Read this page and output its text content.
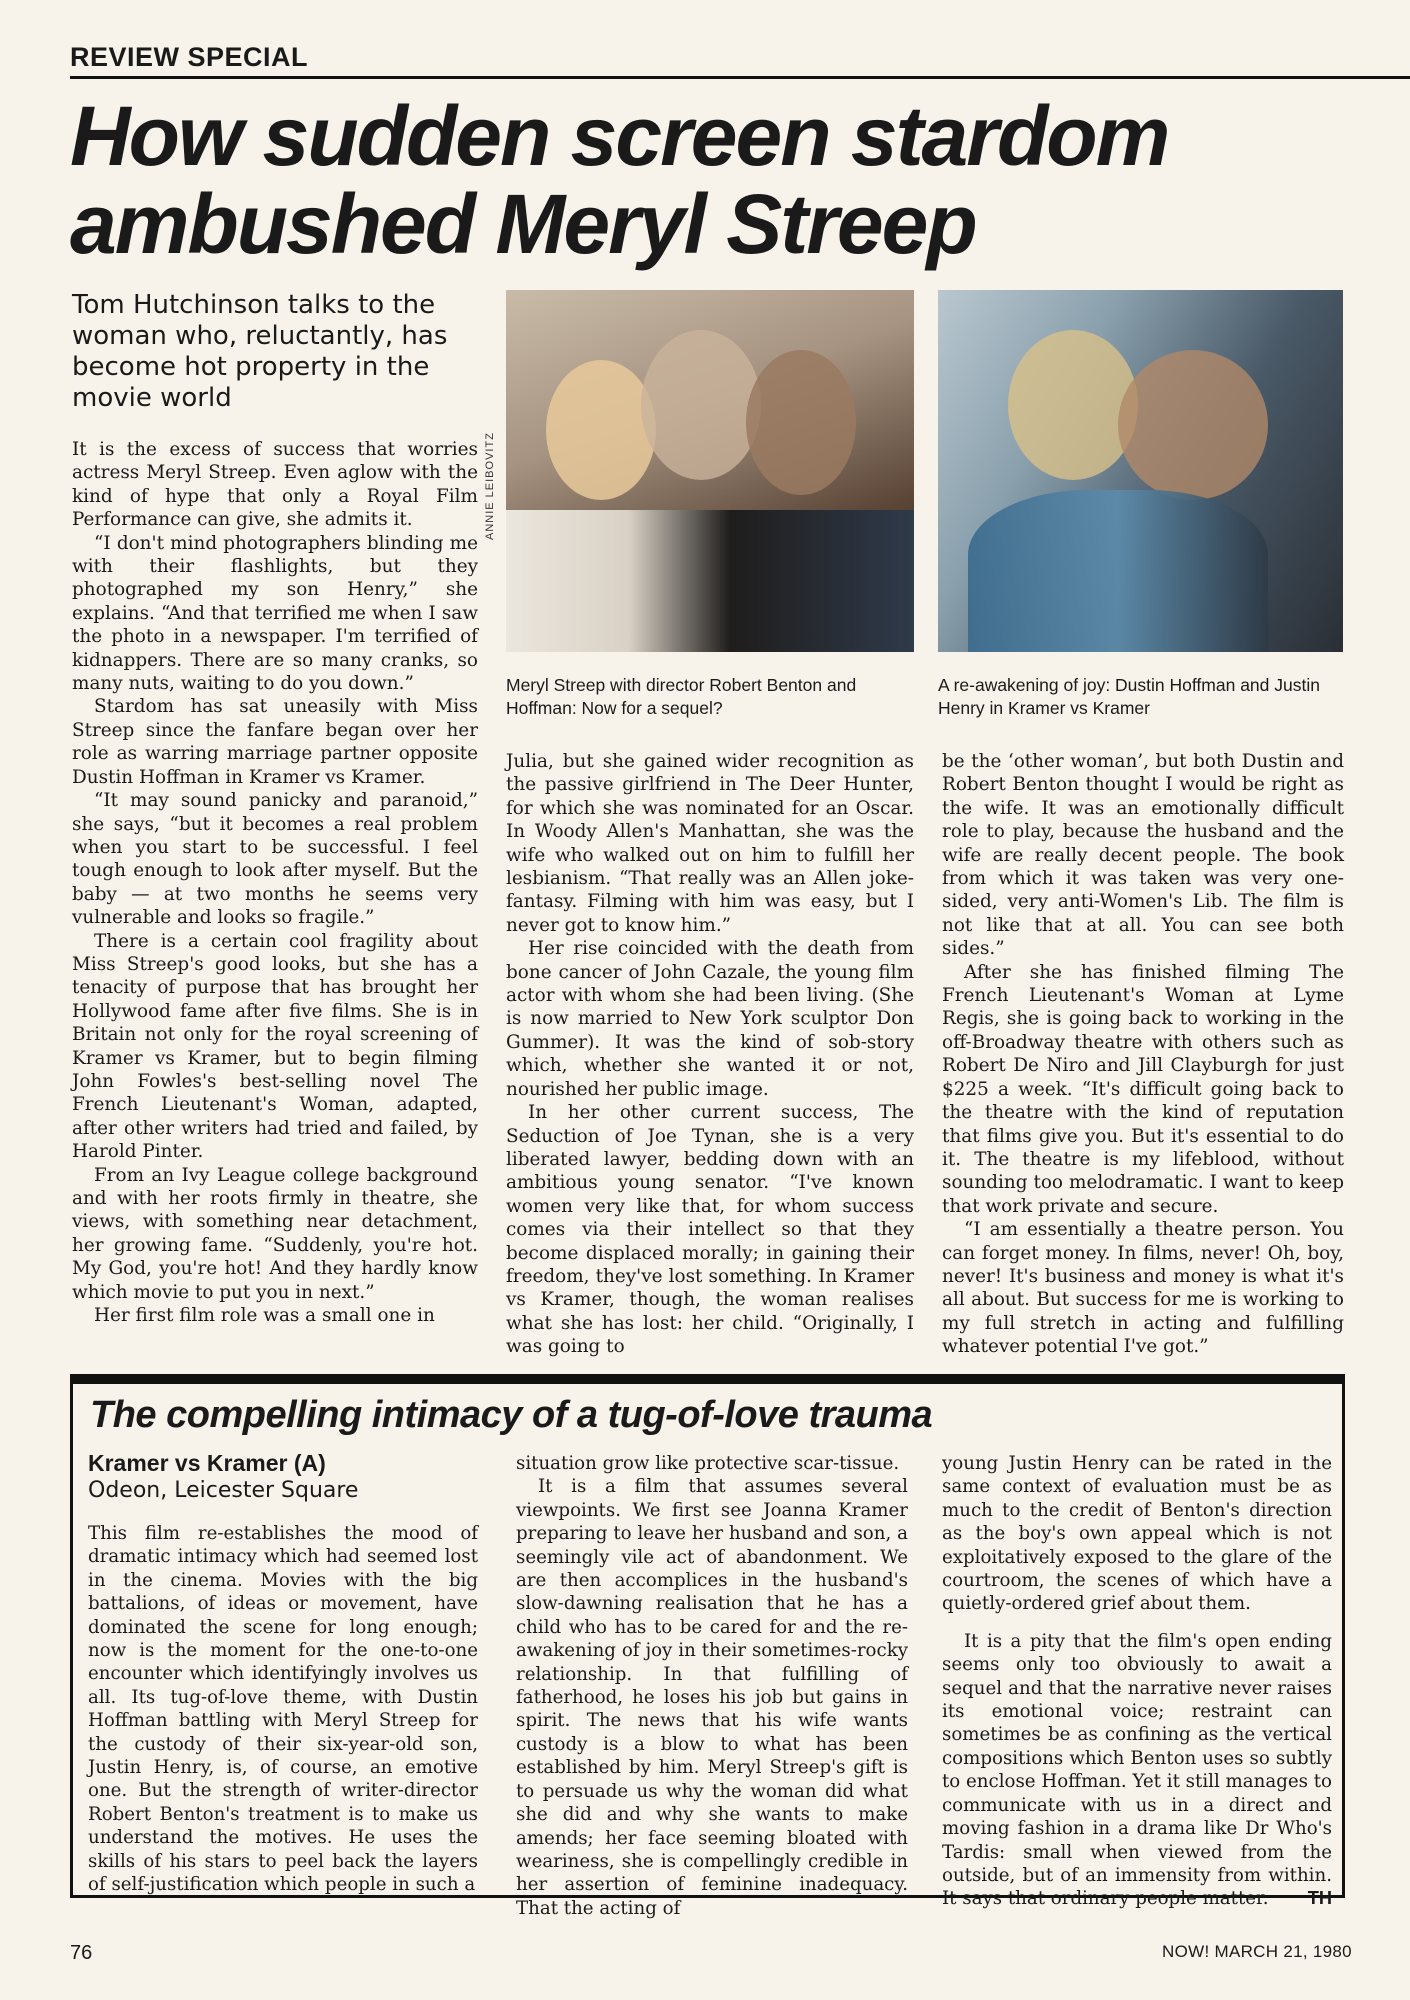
REVIEW SPECIAL
How sudden screen stardom
ambushed Meryl Streep
Tom Hutchinson talks to the woman who, reluctantly, has become hot property in the movie world
ANNIE LEIBOVITZ
Meryl Streep with director Robert Benton and Hoffman: Now for a sequel?
A re-awakening of joy: Dustin Hoffman and Justin Henry in Kramer vs Kramer

It is the excess of success that worries actress Meryl Streep. Even aglow with the kind of hype that only a Royal Film Performance can give, she admits it.

“I don't mind photographers blinding me with their flashlights, but they photographed my son Henry,” she explains. “And that terrified me when I saw the photo in a newspaper. I'm terrified of kidnappers. There are so many cranks, so many nuts, waiting to do you down.”

Stardom has sat uneasily with Miss Streep since the fanfare began over her role as warring marriage partner opposite Dustin Hoffman in Kramer vs Kramer.

“It may sound panicky and paranoid,” she says, “but it becomes a real problem when you start to be successful. I feel tough enough to look after myself. But the baby — at two months he seems very vulnerable and looks so fragile.”

There is a certain cool fragility about Miss Streep's good looks, but she has a tenacity of purpose that has brought her Hollywood fame after five films. She is in Britain not only for the royal screening of Kramer vs Kramer, but to begin filming John Fowles's best-selling novel The French Lieutenant's Woman, adapted, after other writers had tried and failed, by Harold Pinter.

From an Ivy League college background and with her roots firmly in theatre, she views, with something near detachment, her growing fame. “Suddenly, you're hot. My God, you're hot! And they hardly know which movie to put you in next.”

Her first film role was a small one in

Julia, but she gained wider recognition as the passive girlfriend in The Deer Hunter, for which she was nominated for an Oscar. In Woody Allen's Manhattan, she was the wife who walked out on him to fulfill her lesbianism. “That really was an Allen joke-fantasy. Filming with him was easy, but I never got to know him.”

Her rise coincided with the death from bone cancer of John Cazale, the young film actor with whom she had been living. (She is now married to New York sculptor Don Gummer). It was the kind of sob-story which, whether she wanted it or not, nourished her public image.

In her other current success, The Seduction of Joe Tynan, she is a very liberated lawyer, bedding down with an ambitious young senator. “I've known women very like that, for whom success comes via their intellect so that they become displaced morally; in gaining their freedom, they've lost something. In Kramer vs Kramer, though, the woman realises what she has lost: her child. “Originally, I was going to

be the ‘other woman’, but both Dustin and Robert Benton thought I would be right as the wife. It was an emotionally difficult role to play, because the husband and the wife are really decent people. The book from which it was taken was very one-sided, very anti-Women's Lib. The film is not like that at all. You can see both sides.”

After she has finished filming The French Lieutenant's Woman at Lyme Regis, she is going back to working in the off-Broadway theatre with others such as Robert De Niro and Jill Clayburgh for just $225 a week. “It's difficult going back to the theatre with the kind of reputation that films give you. But it's essential to do it. The theatre is my lifeblood, without sounding too melodramatic. I want to keep that work private and secure.

“I am essentially a theatre person. You can forget money. In films, never! Oh, boy, never! It's business and money is what it's all about. But success for me is working to my full stretch in acting and fulfilling whatever potential I've got.”

The compelling intimacy of a tug-of-love trauma
Kramer vs Kramer (A)
Odeon, Leicester Square

This film re-establishes the mood of dramatic intimacy which had seemed lost in the cinema. Movies with the big battalions, of ideas or movement, have dominated the scene for long enough; now is the moment for the one-to-one encounter which identifyingly involves us all. Its tug-of-love theme, with Dustin Hoffman battling with Meryl Streep for the custody of their six-year-old son, Justin Henry, is, of course, an emotive one. But the strength of writer-director Robert Benton's treatment is to make us understand the motives. He uses the skills of his stars to peel back the layers of self-justification which people in such a

situation grow like protective scar-tissue.

It is a film that assumes several viewpoints. We first see Joanna Kramer preparing to leave her husband and son, a seemingly vile act of abandonment. We are then accomplices in the husband's slow-dawning realisation that he has a child who has to be cared for and the re-awakening of joy in their sometimes-rocky relationship. In that fulfilling of fatherhood, he loses his job but gains in spirit. The news that his wife wants custody is a blow to what has been established by him. Meryl Streep's gift is to persuade us why the woman did what she did and why she wants to make amends; her face seeming bloated with weariness, she is compellingly credible in her assertion of feminine inadequacy. That the acting of

young Justin Henry can be rated in the same context of evaluation must be as much to the credit of Benton's direction as the boy's own appeal which is not exploitatively exposed to the glare of the courtroom, the scenes of which have a quietly-ordered grief about them.

It is a pity that the film's open ending seems only too obviously to await a sequel and that the narrative never raises its emotional voice; restraint can sometimes be as confining as the vertical compositions which Benton uses so subtly to enclose Hoffman. Yet it still manages to communicate with us in a direct and moving fashion in a drama like Dr Who's Tardis: small when viewed from the outside, but of an immensity from within. It says that ordinary people matter.	TH

76	NOW! MARCH 21, 1980
